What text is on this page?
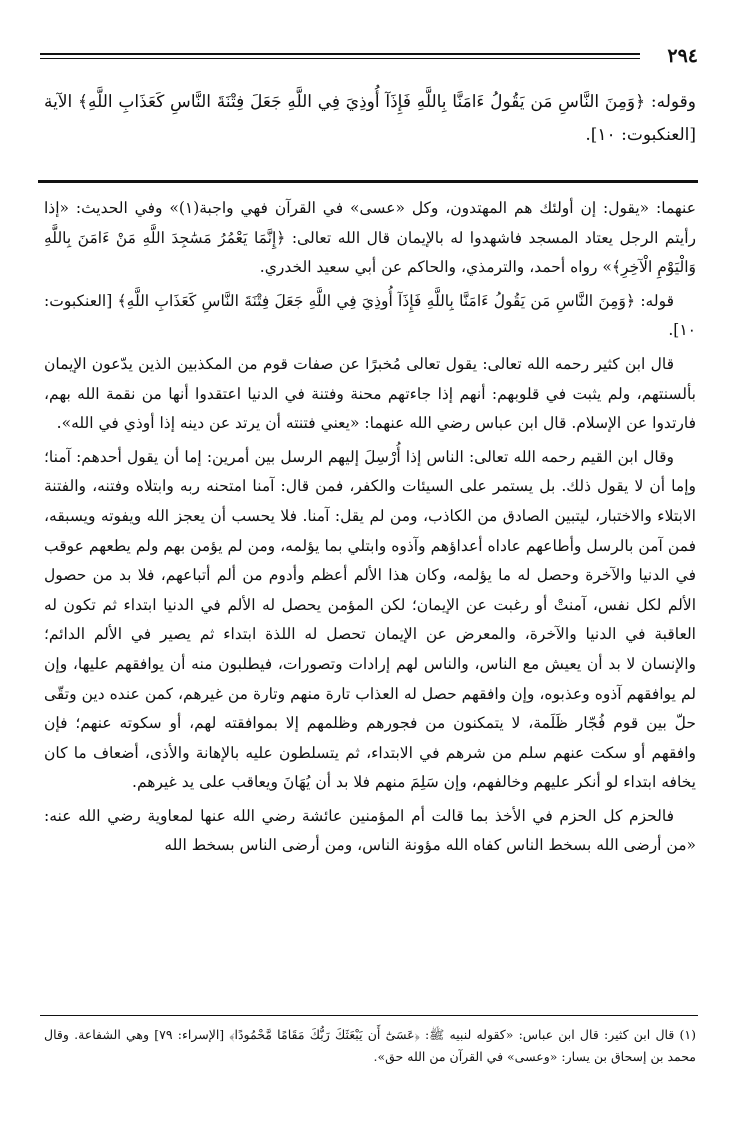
٢٩٤
وقوله: ﴿وَمِنَ النَّاسِ مَن يَقُولُ ءَامَنَّا بِاللَّهِ فَإِذَآ أُوذِيَ فِي اللَّهِ جَعَلَ فِتْنَةَ النَّاسِ كَعَذَابِ اللَّهِ﴾ الآية [العنكبوت: ١٠].

عنهما: «يقول: إن أولئك هم المهتدون، وكل «عسى» في القرآن فهي واجبة(١)» وفي الحديث: «إذا رأيتم الرجل يعتاد المسجد فاشهدوا له بالإيمان قال الله تعالى: ﴿إِنَّمَا يَعْمُرُ مَسَٰجِدَ اللَّهِ مَنْ ءَامَنَ بِاللَّهِ وَالْيَوْمِ الْآخِرِ﴾» رواه أحمد، والترمذي، والحاكم عن أبي سعيد الخدري.

قوله: ﴿وَمِنَ النَّاسِ مَن يَقُولُ ءَامَنَّا بِاللَّهِ فَإِذَآ أُوذِيَ فِي اللَّهِ جَعَلَ فِتْنَةَ النَّاسِ كَعَذَابِ اللَّهِ﴾ [العنكبوت: ١٠].

قال ابن كثير رحمه الله تعالى: يقول تعالى مُخبرًا عن صفات قوم من المكذبين الذين يدّعون الإيمان بألسنتهم، ولم يثبت في قلوبهم: أنهم إذا جاءتهم محنة وفتنة في الدنيا اعتقدوا أنها من نقمة الله بهم، فارتدوا عن الإسلام. قال ابن عباس رضي الله عنهما: «يعني فتنته أن يرتد عن دينه إذا أوذي في الله».

وقال ابن القيم رحمه الله تعالى: الناس إذا أُرْسِلَ إليهم الرسل بين أمرين: إما أن يقول أحدهم: آمنا؛ وإما أن لا يقول ذلك. بل يستمر على السيئات والكفر، فمن قال: آمنا امتحنه ربه وابتلاه وفتنه، والفتنة الابتلاء والاختبار، ليتبين الصادق من الكاذب، ومن لم يقل: آمنا. فلا يحسب أن يعجز الله ويفوته ويسبقه، فمن آمن بالرسل وأطاعهم عاداه أعداؤهم وآذوه وابتلي بما يؤلمه، ومن لم يؤمن بهم ولم يطعهم عوقب في الدنيا والآخرة وحصل له ما يؤلمه، وكان هذا الألم أعظم وأدوم من ألم أتباعهم، فلا بد من حصول الألم لكل نفس، آمنتْ أو رغبت عن الإيمان؛ لكن المؤمن يحصل له الألم في الدنيا ابتداء ثم تكون له العاقبة في الدنيا والآخرة، والمعرض عن الإيمان تحصل له اللذة ابتداء ثم يصير في الألم الدائم؛ والإنسان لا بد أن يعيش مع الناس، والناس لهم إرادات وتصورات، فيطلبون منه أن يوافقهم عليها، وإن لم يوافقهم آذوه وعذبوه، وإن وافقهم حصل له العذاب تارة منهم وتارة من غيرهم، كمن عنده دين وتقّى حلّ بين قوم فُجّار ظَلَمة، لا يتمكنون من فجورهم وظلمهم إلا بموافقته لهم، أو سكوته عنهم؛ فإن وافقهم أو سكت عنهم سلم من شرهم في الابتداء، ثم يتسلطون عليه بالإهانة والأذى، أضعاف ما كان يخافه ابتداء لو أنكر عليهم وخالفهم، وإن سَلِمَ منهم فلا بد أن يُهَانَ ويعاقب على يد غيرهم.

فالحزم كل الحزم في الأخذ بما قالت أم المؤمنين عائشة رضي الله عنها لمعاوية رضي الله عنه: «من أرضى الله بسخط الناس كفاه الله مؤونة الناس، ومن أرضى الناس بسخط الله

(١) قال ابن كثير: قال ابن عباس: «كقوله لنبيه ﷺ: ﴿عَسَىٰٓ أَن يَبْعَثَكَ رَبُّكَ مَقَامًا مَّحْمُودًا﴾ [الإسراء: ٧٩] وهي الشفاعة. وقال محمد بن إسحاق بن يسار: «وعسى» في القرآن من الله حق».
